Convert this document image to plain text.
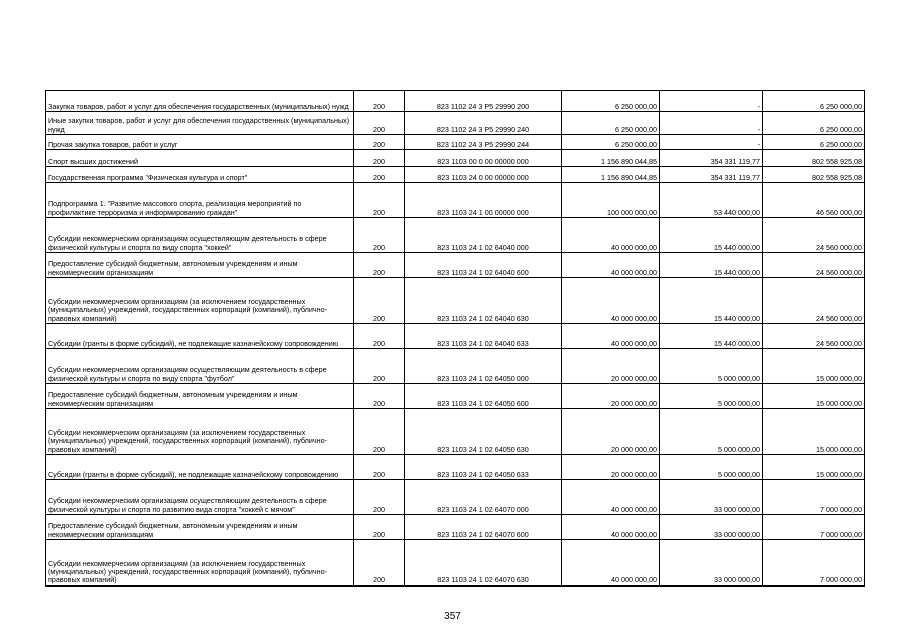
Закупка товаров, работ и услуг для обеспечения государственных (муниципальных) нужд	200	823 1102 24 3 P5 29990 200	6 250 000,00	-	6 250 000,00
Иные закупки товаров, работ и услуг для обеспечения государственных (муниципальных) нужд	200	823 1102 24 3 P5 29990 240	6 250 000,00	-	6 250 000,00
Прочая закупка товаров, работ и услуг	200	823 1102 24 3 P5 29990 244	6 250 000,00	-	6 250 000,00
Спорт высших достижений	200	823 1103 00 0 00 00000 000	1 156 890 044,85	354 331 119,77	802 558 925,08
Государственная программа "Физическая культура и спорт"	200	823 1103 24 0 00 00000 000	1 156 890 044,85	354 331 119,77	802 558 925,08
Подпрограмма 1. "Развитие массового спорта, реализация мероприятий по профилактике терроризма и информированию граждан"	200	823 1103 24 1 00 00000 000	100 000 000,00	53 440 000,00	46 560 000,00
Субсидии некоммерческим организациям осуществляющим деятельность в сфере физической культуры и спорта по виду спорта "хоккей"	200	823 1103 24 1 02 64040 000	40 000 000,00	15 440 000,00	24 560 000,00
Предоставление субсидий бюджетным, автономным учреждениям и иным некоммерческим организациям	200	823 1103 24 1 02 64040 600	40 000 000,00	15 440 000,00	24 560 000,00
Субсидии некоммерческим организациям (за исключением государственных (муниципальных) учреждений, государственных корпораций (компаний), публично-правовых компаний)	200	823 1103 24 1 02 64040 630	40 000 000,00	15 440 000,00	24 560 000,00
Субсидии (гранты в форме субсидий), не подлежащие казначейскому сопровождению	200	823 1103 24 1 02 64040 633	40 000 000,00	15 440 000,00	24 560 000,00
Субсидии некоммерческим организациям осуществляющим деятельность в сфере физической культуры и спорта по виду спорта "футбол"	200	823 1103 24 1 02 64050 000	20 000 000,00	5 000 000,00	15 000 000,00
Предоставление субсидий бюджетным, автономным учреждениям и иным некоммерческим организациям	200	823 1103 24 1 02 64050 600	20 000 000,00	5 000 000,00	15 000 000,00
Субсидии некоммерческим организациям (за исключением государственных (муниципальных) учреждений, государственных корпораций (компаний), публично-правовых компаний)	200	823 1103 24 1 02 64050 630	20 000 000,00	5 000 000,00	15 000 000,00
Субсидии (гранты в форме субсидий), не подлежащие казначейскому сопровождению	200	823 1103 24 1 02 64050 633	20 000 000,00	5 000 000,00	15 000 000,00
Субсидии некоммерческим организациям осуществляющим деятельность в сфере физической культуры и спорта по развитию вида спорта "хоккей с мячом"	200	823 1103 24 1 02 64070 000	40 000 000,00	33 000 000,00	7 000 000,00
Предоставление субсидий бюджетным, автономным учреждениям и иным некоммерческим организациям	200	823 1103 24 1 02 64070 600	40 000 000,00	33 000 000,00	7 000 000,00
Субсидии некоммерческим организациям (за исключением государственных (муниципальных) учреждений, государственных корпораций (компаний), публично-правовых компаний)	200	823 1103 24 1 02 64070 630	40 000 000,00	33 000 000,00	7 000 000,00
357
